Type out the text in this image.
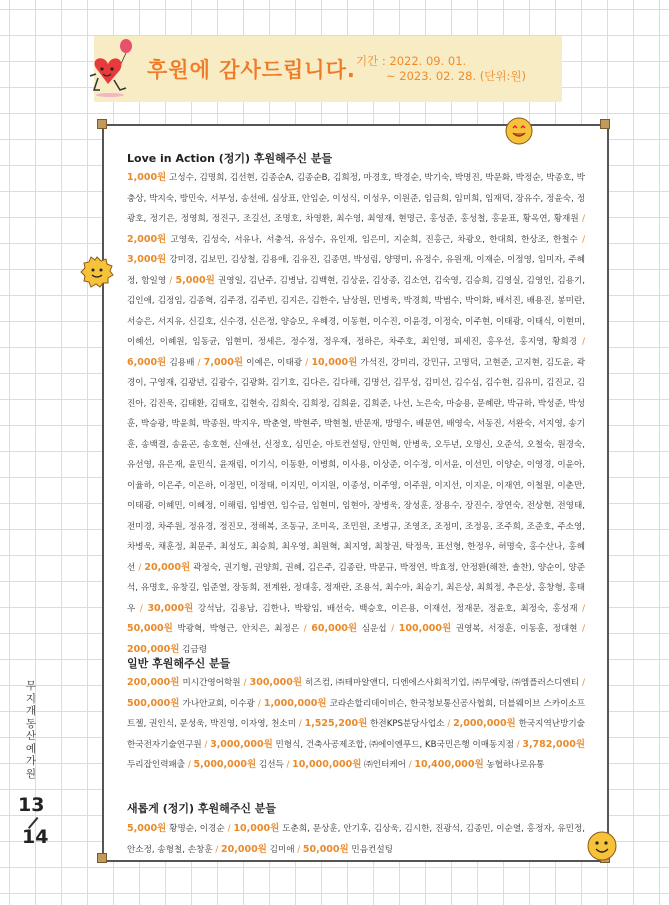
후원에 감사드립니다. 기간 : 2022. 09. 01.
~ 2023. 02. 28. (단위:원)
Love in Action (정기) 후원해주신 분들
1,000원 고성수, 김명희, 김선현, 김종순A, 김종순B, 김희정, 마경호, 박경순, 박기숙, 박명진, 박문화, 박정순, 박종호, 박충상, 박지숙, 방민숙, 서부성, 송선애, 심상표, 안임순, 이성식, 이성우, 이원준, 임금희, 임미희, 임재덕, 장유수, 정윤숙, 정광호, 정기은, 정영희, 정진구, 조길선, 조명호, 차영환, 최수영, 최영재, 현명근, 홍성준, 홍성철, 홍윤표, 황옥연, 황재원 / 2,000원 고영욱, 김성숙, 서유나, 서충석, 유성수, 유인재, 임은미, 지순희, 진홍근, 차광오, 한대희, 한상조, 한철수 / 3,000원 강미경, 김보민, 김상철, 김용애, 김유진, 김종면, 박성림, 양명미, 유정수, 유원재, 이재순, 이정영, 임미자, 주혜정, 함일영 / 5,000원 권영일, 김난주, 김병남, 김백현, 김상윤, 김상종, 김소연, 김숙영, 김승희, 김영실, 김영인, 김용기, 김인애, 김정임, 김종혁, 김주경, 김주빈, 김지은, 김한수, 남상원, 민병욱, 박경희, 박범수, 박이화, 배서진, 배용진, 봉미란, 서승은, 서지유, 신길호, 신수경, 신은정, 양승모, 우혜경, 이동현, 이수진, 이윤경, 이정숙, 이주현, 이태광, 이태식, 이현미, 이혜선, 이혜원, 임동균, 임현미, 정세은, 정수정, 정우재, 정하은, 차주호, 최인영, 피세진, 홍우선, 홍지영, 황희경 / 6,000원 김용배 / 7,000원 이예은, 이태광 / 10,000원 가석진, 강미리, 강민규, 고명덕, 고현준, 고지현, 김도윤, 곽경이, 구영재, 김광년, 김광수, 김광화, 김기호, 김다은, 김다해, 김명선, 김무성, 김미선, 김수심, 김수현, 김유미, 김진교, 김진아, 김진욱, 김태환, 김태호, 김현숙, 김희숙, 김희정, 김희윤, 김희준, 나선, 노은숙, 마승용, 문혜란, 박규하, 박성준, 박성훈, 박승광, 박윤희, 박종원, 박지우, 박춘열, 박현주, 박현철, 반문재, 방명수, 배문연, 배영숙, 서동진, 서완숙, 서지영, 송기훈, 송백결, 송윤곤, 송호현, 신애선, 신정호, 심민순, 아토컨설팅, 안민혁, 안병욱, 오두년, 오명신, 오준석, 오철숙, 원경숙, 유선영, 유은재, 윤민식, 윤재림, 이기식, 이동환, 이병희, 이사용, 이상준, 이수정, 이서윤, 이선민, 이양순, 이영경, 이윤아, 이율하, 이은주, 이은하, 이정민, 이정태, 이지민, 이지원, 이종성, 이주영, 이주원, 이지선, 이지운, 이재연, 이철원, 이춘만, 이태광, 이혜민, 이혜정, 이해림, 임병연, 임수금, 임현미, 임현아, 장병욱, 장성훈, 장용수, 장진수, 장연숙, 전상현, 전영태, 전미경, 차주원, 정유경, 정진모, 정해복, 조동규, 조미옥, 조민원, 조병규, 조영조, 조정미, 조정옹, 조주희, 조준호, 주소영, 차병욱, 채훈정, 최문주, 최성도, 최승희, 최우영, 최원혁, 최지영, 최창권, 탁정욱, 표선형, 한정우, 허명숙, 홍수산나, 홍혜선 / 20,000원 곽정숙, 권기형, 권양희, 권혜, 김은주, 김종란, 박문규, 박정연, 박효정, 안정환(해찬, 솔찬), 양순이, 양준석, 유명호, 유창길, 임준열, 장동희, 전계완, 정대홍, 정재란, 조용석, 최수아, 최승기, 최은상, 최희정, 추은상, 홍창형, 홍태우 / 30,000원 강석남, 김용남, 김한나, 박왕임, 배선숙, 백승호, 이은용, 이재선, 정재문, 정윤호, 최정숙, 홍성재 / 50,000원 박광혁, 박형근, 안치은, 최정은 / 60,000원 심운섭 / 100,000원 권영복, 서정훈, 이동훈, 정대현 / 200,000원 김금령
일반 후원해주신 분들
200,000원 미시간영어학원 / 300,000원 히즈컴, ㈜테마알앤디, 디엔에스사회적기업, ㈜무예랑, ㈜엠플러스디엔티 / 500,000원 가나안교회, 이수광 / 1,000,000원 코라손할리데이비슨, 한국청보통신공사협회, 더블웨이브 스카이소프트젤, 권인식, 문성욱, 박진영, 이자영, 천소미 / 1,525,200원 한전KPS분당사업소 / 2,000,000원 한국지역난방기술 한국전자기술연구원 / 3,000,000원 민형식, 건축사공제조합, ㈜에이엔푸드, KB국민은행 이매동지점 / 3,782,000원 두리잡인력패출 / 5,000,000원 김선득 / 10,000,000원 ㈜인터케어 / 10,400,000원 농협하나로유통
새롭게 (정기) 후원해주신 분들
5,000원 황명순, 이경순 / 10,000원 도춘희, 문상훈, 안기후, 김상욱, 김시한, 진광석, 김종민, 이순열, 홍정자, 유민정, 안소정, 송형철, 손창훈 / 20,000원 김미애 / 50,000원 민음컨설팅
무지개동산 예가원
13
14
